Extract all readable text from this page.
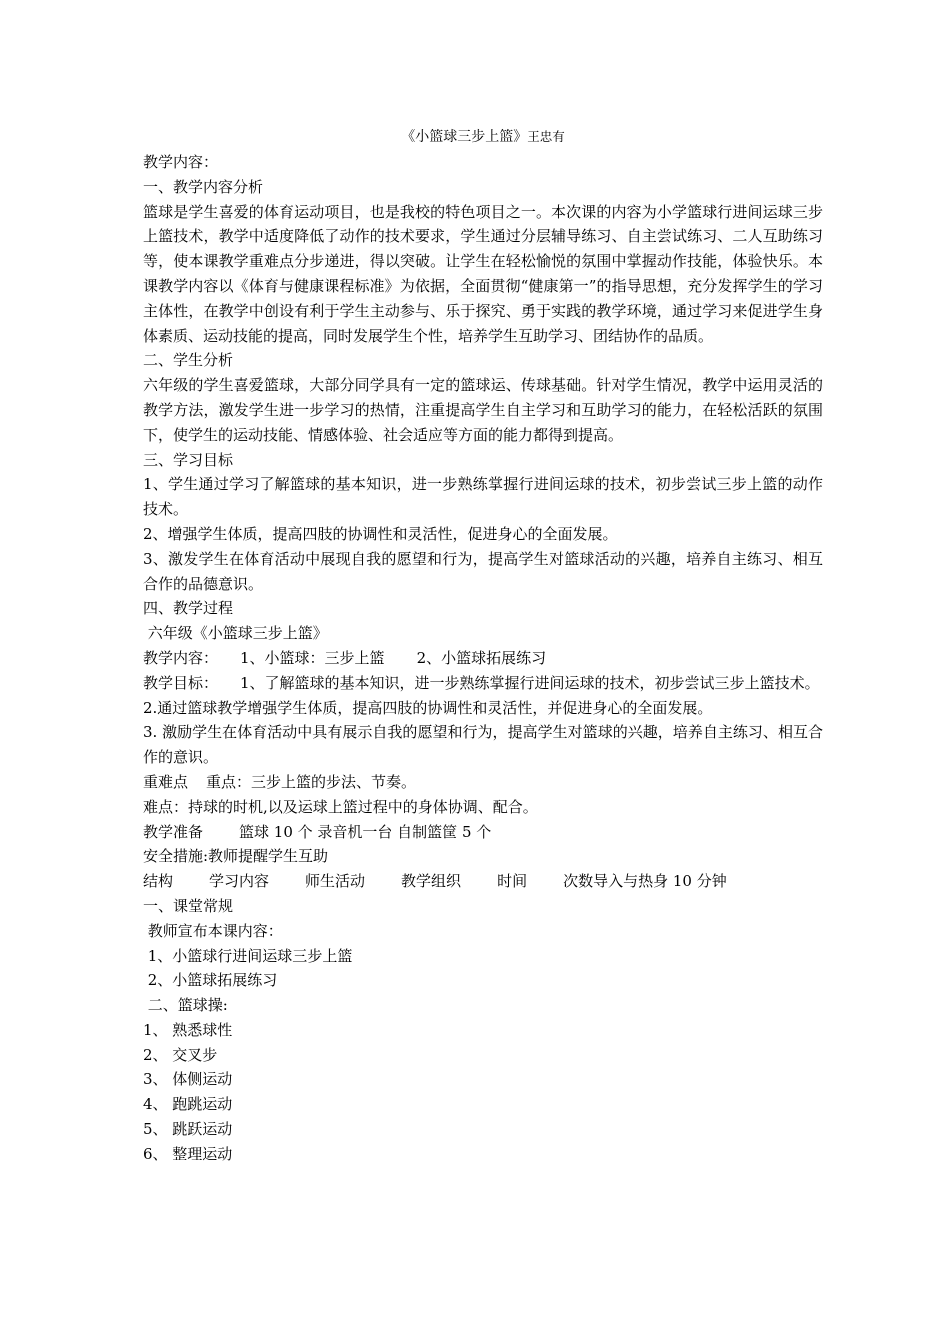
《小篮球三步上篮》王忠有
教学内容：
一、教学内容分析
篮球是学生喜爱的体育运动项目，也是我校的特色项目之一。本次课的内容为小学篮球行进间运球三步上篮技术，教学中适度降低了动作的技术要求，学生通过分层辅导练习、自主尝试练习、二人互助练习等，使本课教学重难点分步递进，得以突破。让学生在轻松愉悦的氛围中掌握动作技能，体验快乐。本课教学内容以《体育与健康课程标准》为依据，全面贯彻“健康第一”的指导思想，充分发挥学生的学习主体性，在教学中创设有利于学生主动参与、乐于探究、勇于实践的教学环境，通过学习来促进学生身体素质、运动技能的提高，同时发展学生个性，培养学生互助学习、团结协作的品质。
二、学生分析
六年级的学生喜爱篮球，大部分同学具有一定的篮球运、传球基础。针对学生情况，教学中运用灵活的教学方法，激发学生进一步学习的热情，注重提高学生自主学习和互助学习的能力，在轻松活跃的氛围下，使学生的运动技能、情感体验、社会适应等方面的能力都得到提高。
三、学习目标
1、学生通过学习了解篮球的基本知识，进一步熟练掌握行进间运球的技术，初步尝试三步上篮的动作技术。
2、增强学生体质，提高四肢的协调性和灵活性，促进身心的全面发展。
3、激发学生在体育活动中展现自我的愿望和行为，提高学生对篮球活动的兴趣，培养自主练习、相互合作的品德意识。
四、教学过程
六年级《小篮球三步上篮》
教学内容： 1、小篮球：三步上篮 2、小篮球拓展练习
教学目标： 1、了解篮球的基本知识，进一步熟练掌握行进间运球的技术，初步尝试三步上篮技术。
2.通过篮球教学增强学生体质，提高四肢的协调性和灵活性，并促进身心的全面发展。
3. 激励学生在体育活动中具有展示自我的愿望和行为，提高学生对篮球的兴趣，培养自主练习、相互合作的意识。
重难点 重点：三步上篮的步法、节奏。
难点：持球的时机,以及运球上篮过程中的身体协调、配合。
教学准备 篮球 10 个 录音机一台 自制篮筐 5 个
安全措施:教师提醒学生互助
结构 学习内容 师生活动 教学组织 时间 次数导入与热身 10 分钟
一、课堂常规
教师宣布本课内容：
1、小篮球行进间运球三步上篮
2、小篮球拓展练习
二、篮球操:
1、 熟悉球性
2、 交叉步
3、 体侧运动
4、 跑跳运动
5、 跳跃运动
6、 整理运动
